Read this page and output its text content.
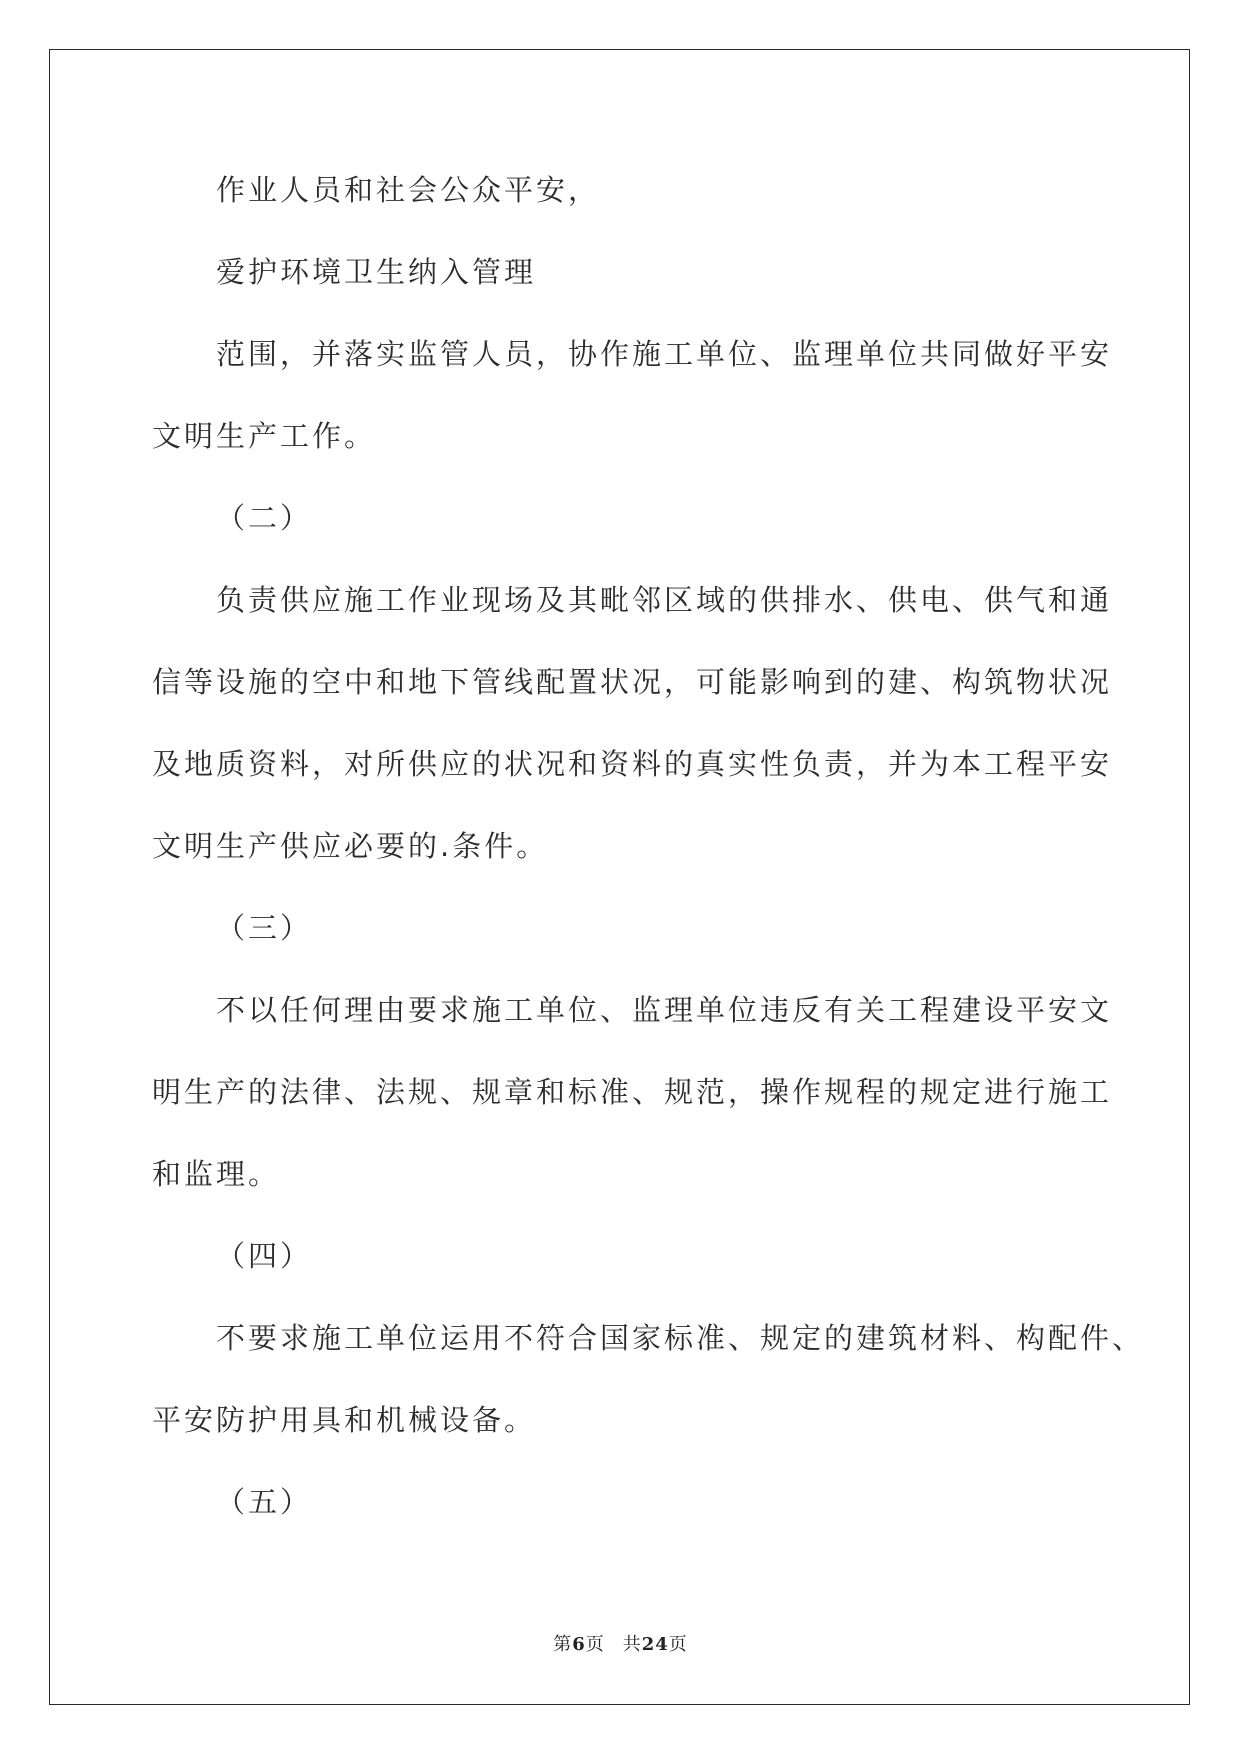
作业人员和社会公众平安，
爱护环境卫生纳入管理
范围，并落实监管人员，协作施工单位、监理单位共同做好平安
文明生产工作。
（二）
负责供应施工作业现场及其毗邻区域的供排水、供电、供气和通
信等设施的空中和地下管线配置状况，可能影响到的建、构筑物状况
及地质资料，对所供应的状况和资料的真实性负责，并为本工程平安
文明生产供应必要的.条件。
（三）
不以任何理由要求施工单位、监理单位违反有关工程建设平安文
明生产的法律、法规、规章和标准、规范，操作规程的规定进行施工
和监理。
（四）
不要求施工单位运用不符合国家标准、规定的建筑材料、构配件、
平安防护用具和机械设备。
（五）
第6页 共24页
